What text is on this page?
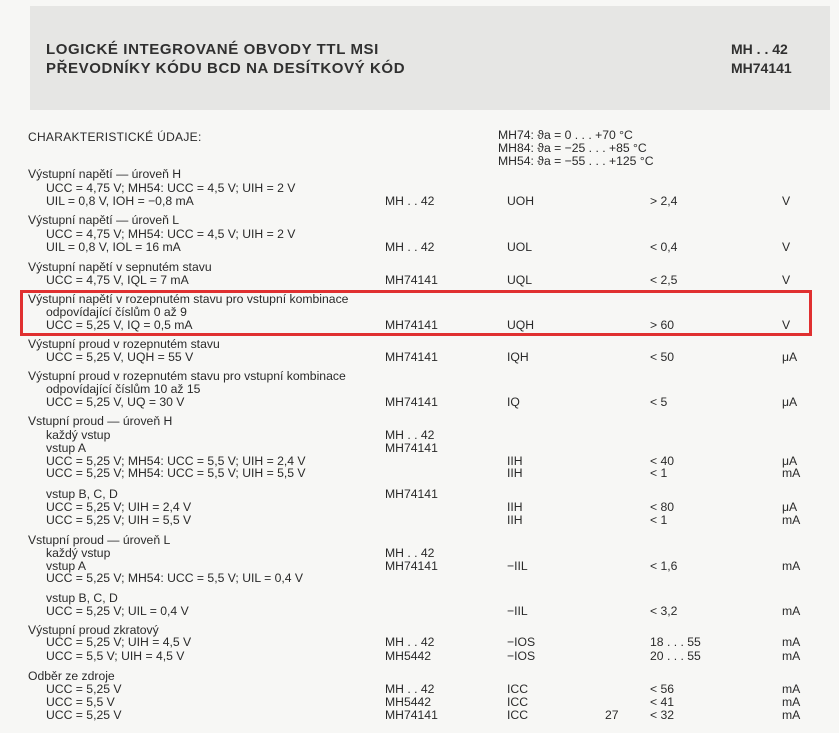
LOGICKÉ INTEGROVANÉ OBVODY TTL MSI
PŘEVODNÍKY KÓDU BCD NA DESÍTKOVÝ KÓD
MH . . 42
MH74141
CHARAKTERISTICKÉ ÚDAJE:	MH74: ϑa = 0 . . . +70 °C
MH84: ϑa = −25 . . . +85 °C
MH54: ϑa = −55 . . . +125 °C
Výstupní napětí — úroveň H
UCC = 4,75 V; MH54: UCC = 4,5 V; UIH = 2 V
UIL = 0,8 V, IOH = −0,8 mA	MH . . 42	UOH	> 2,4	V
Výstupní napětí — úroveň L
UCC = 4,75 V; MH54: UCC = 4,5 V; UIH = 2 V
UIL = 0,8 V, IOL = 16 mA	MH . . 42	UOL	< 0,4	V
Výstupní napětí v sepnutém stavu
UCC = 4,75 V, IQL = 7 mA	MH74141	UQL	< 2,5	V
Výstupní napětí v rozepnutém stavu pro vstupní kombinace
odpovídající číslům 0 až 9
UCC = 5,25 V, IQ = 0,5 mA	MH74141	UQH	> 60	V
Výstupní proud v rozepnutém stavu
UCC = 5,25 V, UQH = 55 V	MH74141	IQH	< 50	μA
Výstupní proud v rozepnutém stavu pro vstupní kombinace
odpovídající číslům 10 až 15
UCC = 5,25 V, UQ = 30 V	MH74141	IQ	< 5	μA
Vstupní proud — úroveň H
každý vstup	MH . . 42
vstup A	MH74141
UCC = 5,25 V; MH54: UCC = 5,5 V; UIH = 2,4 V	IIH	< 40	μA
UCC = 5,25 V; MH54: UCC = 5,5 V; UIH = 5,5 V	IIH	< 1	mA
vstup B, C, D	MH74141
UCC = 5,25 V; UIH = 2,4 V	IIH	< 80	μA
UCC = 5,25 V; UIH = 5,5 V	IIH	< 1	mA
Vstupní proud — úroveň L
každý vstup	MH . . 42
vstup A	MH74141	−IIL	< 1,6	mA
UCC = 5,25 V; MH54: UCC = 5,5 V; UIL = 0,4 V
vstup B, C, D
UCC = 5,25 V; UIL = 0,4 V	−IIL	< 3,2	mA
Výstupní proud zkratový
UCC = 5,25 V; UIH = 4,5 V	MH . . 42	−IOS	18 . . . 55	mA
UCC = 5,5 V; UIH = 4,5 V	MH5442	−IOS	20 . . . 55	mA
Odběr ze zdroje
UCC = 5,25 V	MH . . 42	ICC	< 56	mA
UCC = 5,5 V	MH5442	ICC	< 41	mA
UCC = 5,25 V	MH74141	ICC	< 32	mA
27
